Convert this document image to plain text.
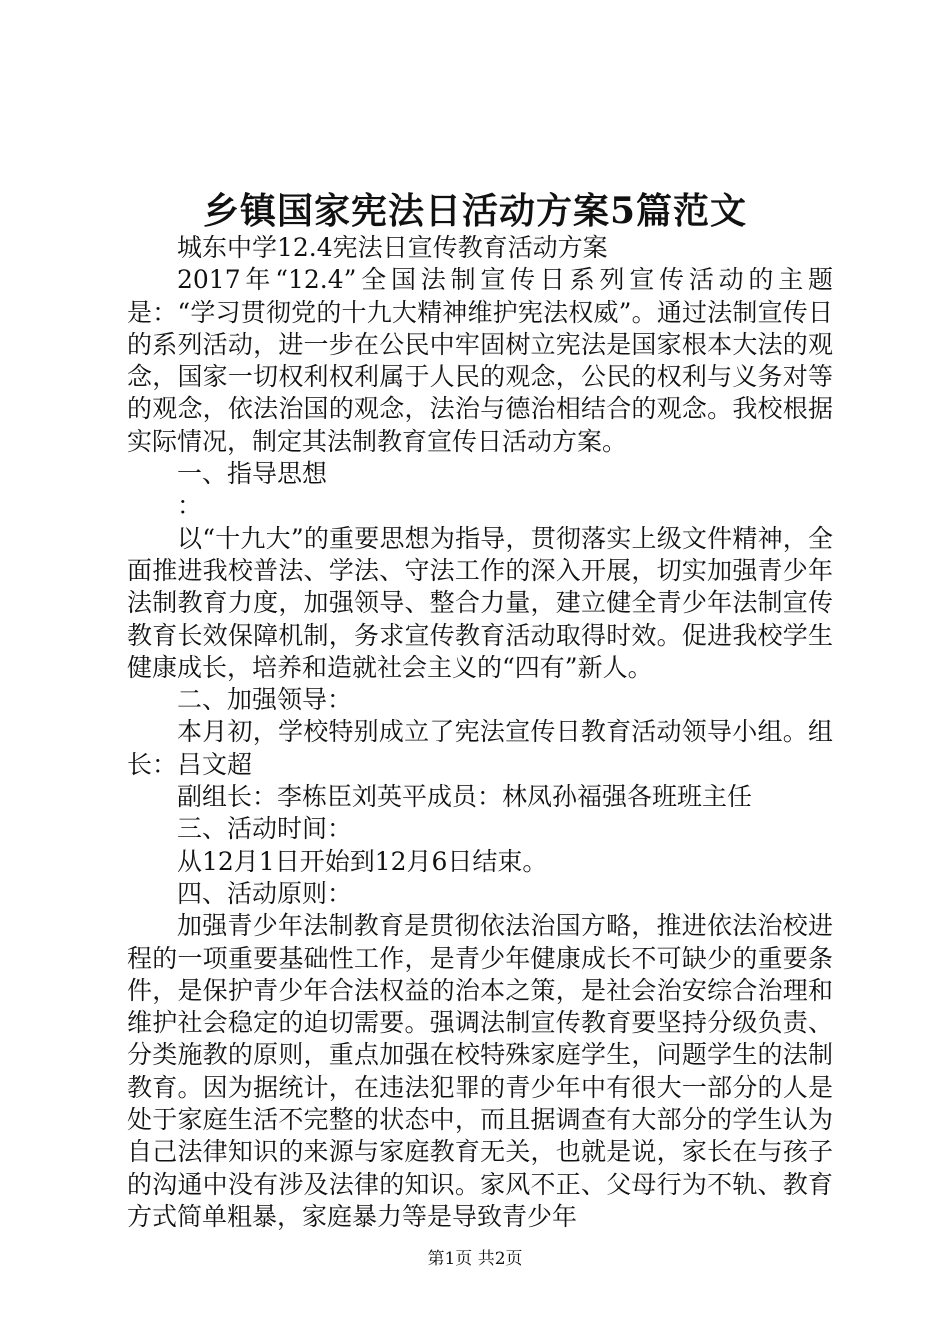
乡镇国家宪法日活动方案5篇范文

城东中学12.4宪法日宣传教育活动方案

2017年“12.4”全国法制宣传日系列宣传活动的主题是：“学习贯彻党的十九大精神维护宪法权威”。通过法制宣传日的系列活动，进一步在公民中牢固树立宪法是国家根本大法的观念，国家一切权利权利属于人民的观念，公民的权利与义务对等的观念，依法治国的观念，法治与德治相结合的观念。我校根据实际情况，制定其法制教育宣传日活动方案。

一、指导思想

：

以“十九大”的重要思想为指导，贯彻落实上级文件精神，全面推进我校普法、学法、守法工作的深入开展，切实加强青少年法制教育力度，加强领导、整合力量，建立健全青少年法制宣传教育长效保障机制，务求宣传教育活动取得时效。促进我校学生健康成长，培养和造就社会主义的“四有”新人。

二、加强领导：

本月初，学校特别成立了宪法宣传日教育活动领导小组。组长：吕文超

副组长：李栋臣刘英平成员：林凤孙福强各班班主任

三、活动时间：

从12月1日开始到12月6日结束。

四、活动原则：

加强青少年法制教育是贯彻依法治国方略，推进依法治校进程的一项重要基础性工作，是青少年健康成长不可缺少的重要条件，是保护青少年合法权益的治本之策，是社会治安综合治理和维护社会稳定的迫切需要。强调法制宣传教育要坚持分级负责、分类施教的原则，重点加强在校特殊家庭学生，问题学生的法制教育。因为据统计，在违法犯罪的青少年中有很大一部分的人是处于家庭生活不完整的状态中，而且据调查有大部分的学生认为自己法律知识的来源与家庭教育无关，也就是说，家长在与孩子的沟通中没有涉及法律的知识。家风不正、父母行为不轨、教育方式简单粗暴，家庭暴力等是导致青少年

第1页 共2页
